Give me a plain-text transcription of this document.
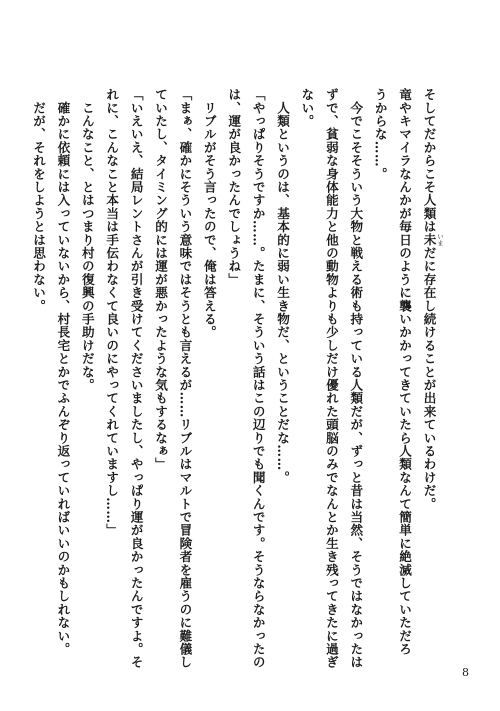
そしてだからこそ人類は未 いまだに存在し続けることが出来ているわけだ。
竜やキマイラなんかが毎日のように襲いかかってきていたら人類なんて簡単に絶滅していただろ
うからな……。
　今でこそそういう大物と戦える術も持っている人類だが、ずっと昔は当然、そうではなかったは
ずで、貧弱な身体能力と他の動物よりも少しだけ優れた頭脳のみでなんとか生き残ってきたに過ぎ
ない。
　人類というのは、基本的に弱い生き物だ、ということだな……。
「やっぱりそうですか……。たまに、そういう話はこの辺りでも聞くんです。そうならなかったの
は、運が良かったんでしょうね」
　リブルがそう言ったので、俺は答える。
「まぁ、確かにそういう意味ではそうとも言えるが……リブルはマルトで冒険者を雇うのに難儀し
ていたし、タイミング的には運が悪かったような気もするなぁ」
「いえいえ、結局レントさんが引き受けてくださいましたし、やっぱり運が良かったんですよ。そ
れに、こんなこと本当は手伝わなくて良いのにやってくれていますし……」
　こんなこと、とはつまり村の復興の手助けだな。
　確かに依頼には入っていないから、村長宅とかでふんぞり返っていればいいのかもしれない。
　だが、それをしようとは思わない。
8
